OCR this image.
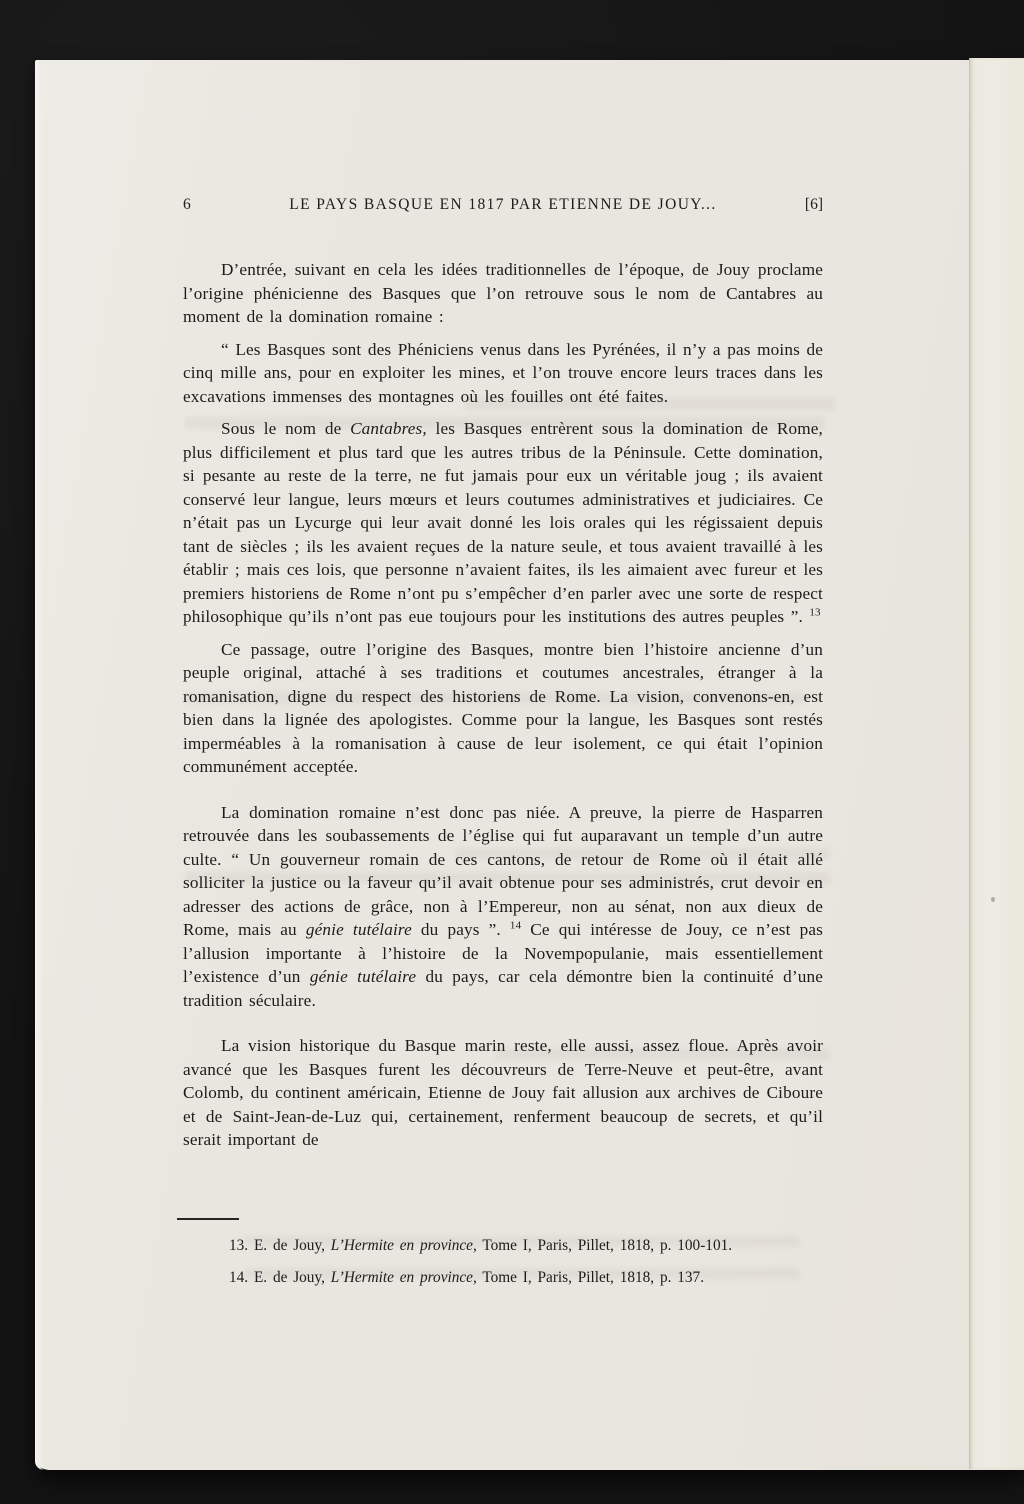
6	LE PAYS BASQUE EN 1817 PAR ETIENNE DE JOUY...	[6]

D’entrée, suivant en cela les idées traditionnelles de l’époque, de Jouy proclame l’origine phénicienne des Basques que l’on retrouve sous le nom de Cantabres au moment de la domination romaine :

“ Les Basques sont des Phéniciens venus dans les Pyrénées, il n’y a pas moins de cinq mille ans, pour en exploiter les mines, et l’on trouve encore leurs traces dans les excavations immenses des montagnes où les fouilles ont été faites.

Sous le nom de Cantabres, les Basques entrèrent sous la domination de Rome, plus difficilement et plus tard que les autres tribus de la Péninsule. Cette domination, si pesante au reste de la terre, ne fut jamais pour eux un véritable joug ; ils avaient conservé leur langue, leurs mœurs et leurs coutumes administratives et judiciaires. Ce n’était pas un Lycurge qui leur avait donné les lois orales qui les régissaient depuis tant de siècles ; ils les avaient reçues de la nature seule, et tous avaient travaillé à les établir ; mais ces lois, que personne n’avaient faites, ils les aimaient avec fureur et les premiers historiens de Rome n’ont pu s’empêcher d’en parler avec une sorte de respect philosophique qu’ils n’ont pas eue toujours pour les institutions des autres peuples ”. $^{13}$

Ce passage, outre l’origine des Basques, montre bien l’histoire ancienne d’un peuple original, attaché à ses traditions et coutumes ancestrales, étranger à la romanisation, digne du respect des historiens de Rome. La vision, convenons-en, est bien dans la lignée des apologistes. Comme pour la langue, les Basques sont restés imperméables à la romanisation à cause de leur isolement, ce qui était l’opinion communément acceptée.

La domination romaine n’est donc pas niée. A preuve, la pierre de Hasparren retrouvée dans les soubassements de l’église qui fut auparavant un temple d’un autre culte. “ Un gouverneur romain de ces cantons, de retour de Rome où il était allé solliciter la justice ou la faveur qu’il avait obtenue pour ses administrés, crut devoir en adresser des actions de grâce, non à l’Empereur, non au sénat, non aux dieux de Rome, mais au génie tutélaire du pays ”. $^{14}$ Ce qui intéresse de Jouy, ce n’est pas l’allusion importante à l’histoire de la Novempopulanie, mais essentiellement l’existence d’un génie tutélaire du pays, car cela démontre bien la continuité d’une tradition séculaire.

La vision historique du Basque marin reste, elle aussi, assez floue. Après avoir avancé que les Basques furent les découvreurs de Terre-Neuve et peut-être, avant Colomb, du continent américain, Etienne de Jouy fait allusion aux archives de Ciboure et de Saint-Jean-de-Luz qui, certainement, renferment beaucoup de secrets, et qu’il serait important de

13. E. de Jouy, L’Hermite en province, Tome I, Paris, Pillet, 1818, p. 100-101.

14. E. de Jouy, L’Hermite en province, Tome I, Paris, Pillet, 1818, p. 137.
